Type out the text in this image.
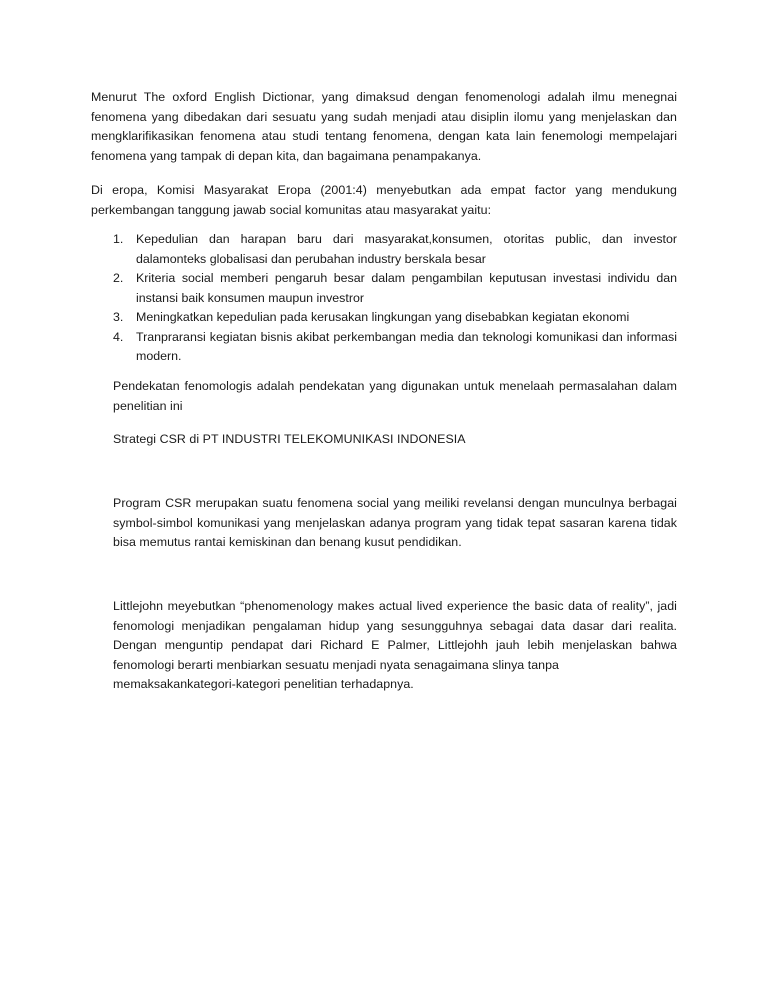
Menurut The oxford English Dictionar, yang dimaksud dengan fenomenologi adalah ilmu menegnai fenomena yang dibedakan dari sesuatu yang sudah menjadi atau disiplin ilomu yang menjelaskan dan mengklarifikasikan fenomena atau studi tentang fenomena, dengan kata lain fenemologi mempelajari fenomena yang tampak di depan kita, dan bagaimana penampakanya.

Di eropa, Komisi Masyarakat Eropa (2001:4) menyebutkan ada empat factor yang mendukung perkembangan tanggung jawab social komunitas atau masyarakat yaitu:

1. Kepedulian dan harapan baru dari masyarakat,konsumen, otoritas public, dan investor dalamonteks globalisasi dan perubahan industry berskala besar
2. Kriteria social memberi pengaruh besar dalam pengambilan keputusan investasi individu dan instansi baik konsumen maupun investror
3. Meningkatkan kepedulian pada kerusakan lingkungan yang disebabkan kegiatan ekonomi
4. Tranpraransi kegiatan bisnis akibat perkembangan media dan teknologi komunikasi dan informasi modern.

Pendekatan fenomologis adalah pendekatan yang digunakan untuk menelaah permasalahan dalam penelitian ini

Strategi CSR di PT INDUSTRI TELEKOMUNIKASI INDONESIA

Program CSR merupakan suatu fenomena social yang meiliki revelansi dengan munculnya berbagai symbol-simbol komunikasi yang menjelaskan adanya program yang tidak tepat sasaran karena tidak bisa memutus rantai kemiskinan dan benang kusut pendidikan.

Littlejohn meyebutkan “phenomenology makes actual lived experience the basic data of reality”, jadi fenomologi menjadikan pengalaman hidup yang sesungguhnya sebagai data dasar dari realita. Dengan menguntip pendapat dari Richard E Palmer, Littlejohh jauh lebih menjelaskan bahwa fenomologi berarti menbiarkan sesuatu menjadi nyata senagaimana slinya tanpa
memaksakankategori-kategori penelitian terhadapnya.
